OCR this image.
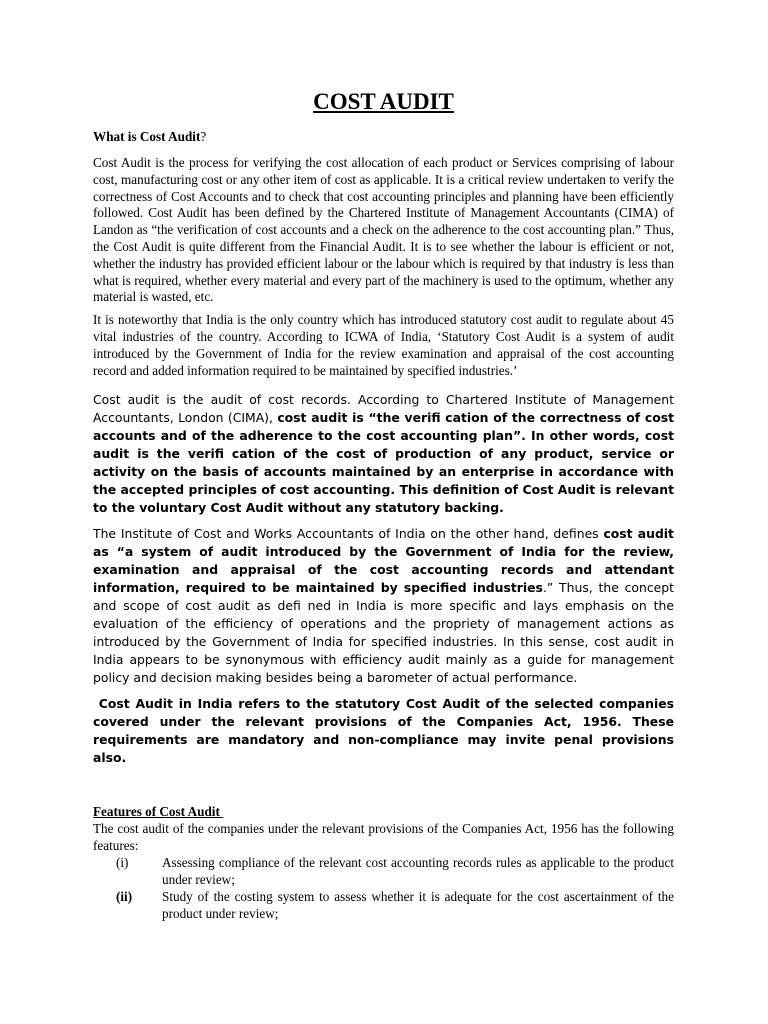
COST AUDIT

What is Cost Audit?

Cost Audit is the process for verifying the cost allocation of each product or Services comprising of labour cost, manufacturing cost or any other item of cost as applicable. It is a critical review undertaken to verify the correctness of Cost Accounts and to check that cost accounting principles and planning have been efficiently followed. Cost Audit has been defined by the Chartered Institute of Management Accountants (CIMA) of Landon as “the verification of cost accounts and a check on the adherence to the cost accounting plan.” Thus, the Cost Audit is quite different from the Financial Audit. It is to see whether the labour is efficient or not, whether the industry has provided efficient labour or the labour which is required by that industry is less than what is required, whether every material and every part of the machinery is used to the optimum, whether any material is wasted, etc.

It is noteworthy that India is the only country which has introduced statutory cost audit to regulate about 45 vital industries of the country. According to ICWA of India, ‘Statutory Cost Audit is a system of audit introduced by the Government of India for the review examination and appraisal of the cost accounting record and added information required to be maintained by specified industries.’

Cost audit is the audit of cost records. According to Chartered Institute of Management Accountants, London (CIMA), cost audit is “the verifi cation of the correctness of cost accounts and of the adherence to the cost accounting plan”. In other words, cost audit is the verifi cation of the cost of production of any product, service or activity on the basis of accounts maintained by an enterprise in accordance with the accepted principles of cost accounting. This definition of Cost Audit is relevant to the voluntary Cost Audit without any statutory backing.

The Institute of Cost and Works Accountants of India on the other hand, defines cost audit as “a system of audit introduced by the Government of India for the review, examination and appraisal of the cost accounting records and attendant information, required to be maintained by specified industries.” Thus, the concept and scope of cost audit as defi ned in India is more specific and lays emphasis on the evaluation of the efficiency of operations and the propriety of management actions as introduced by the Government of India for specified industries. In this sense, cost audit in India appears to be synonymous with efficiency audit mainly as a guide for management policy and decision making besides being a barometer of actual performance.

Cost Audit in India refers to the statutory Cost Audit of the selected companies covered under the relevant provisions of the Companies Act, 1956. These requirements are mandatory and non-compliance may invite penal provisions also.

Features of Cost Audit

The cost audit of the companies under the relevant provisions of the Companies Act, 1956 has the following features:

(i)	Assessing compliance of the relevant cost accounting records rules as applicable to the product under review;
(ii)	Study of the costing system to assess whether it is adequate for the cost ascertainment of the product under review;
